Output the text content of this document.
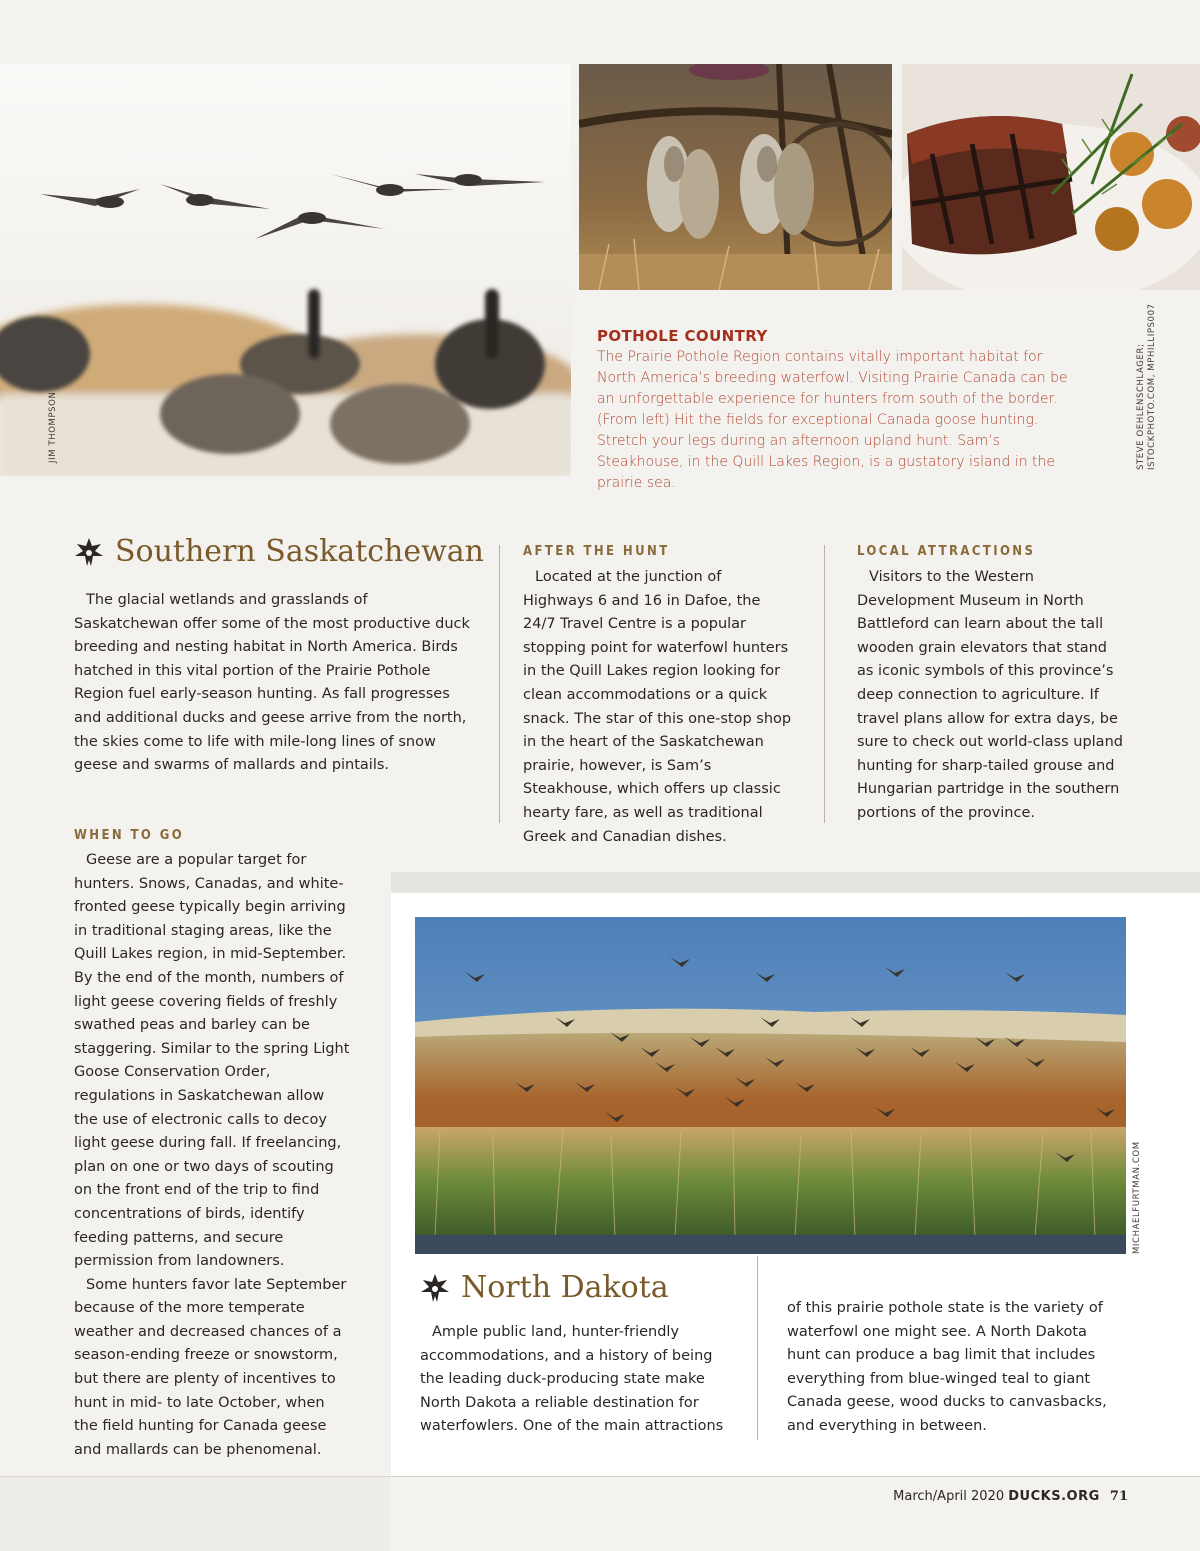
JIM THOMPSON	STEVE OEHLENSCHLAGER;
ISTOCKPHOTO.COM, MPHILLIPS007
POTHOLE COUNTRY
The Prairie Pothole Region contains vitally important habitat for North America’s breeding waterfowl. Visiting Prairie Canada can be an unforgettable experience for hunters from south of the border. (From left) Hit the fields for exceptional Canada goose hunting. Stretch your legs during an afternoon upland hunt. Sam’s Steakhouse, in the Quill Lakes Region, is a gustatory island in the prairie sea.
Southern Saskatchewan

The glacial wetlands and grasslands of Saskatchewan offer some of the most productive duck breeding and nesting habitat in North America. Birds hatched in this vital portion of the Prairie Pothole Region fuel early-season hunting. As fall progresses and additional ducks and geese arrive from the north, the skies come to life with mile-long lines of snow geese and swarms of mallards and pintails.

WHEN TO GO

Geese are a popular target for hunters. Snows, Canadas, and white-fronted geese typically begin arriving in traditional staging areas, like the Quill Lakes region, in mid-September. By the end of the month, numbers of light geese covering fields of freshly swathed peas and barley can be staggering. Similar to the spring Light Goose Conservation Order, regulations in Saskatchewan allow the use of electronic calls to decoy light geese during fall. If freelancing, plan on one or two days of scouting on the front end of the trip to find concentrations of birds, identify feeding patterns, and secure permission from landowners.

Some hunters favor late September because of the more temperate weather and decreased chances of a season-ending freeze or snowstorm, but there are plenty of incentives to hunt in mid- to late October, when the field hunting for Canada geese and mallards can be phenomenal.

AFTER THE HUNT

Located at the junction of Highways 6 and 16 in Dafoe, the 24/7 Travel Centre is a popular stopping point for waterfowl hunters in the Quill Lakes region looking for clean accommodations or a quick snack. The star of this one-stop shop in the heart of the Saskatchewan prairie, however, is Sam’s Steakhouse, which offers up classic hearty fare, as well as traditional Greek and Canadian dishes.

LOCAL ATTRACTIONS

Visitors to the Western Development Museum in North Battleford can learn about the tall wooden grain elevators that stand as iconic symbols of this province’s deep connection to agriculture. If travel plans allow for extra days, be sure to check out world-class upland hunting for sharp-tailed grouse and Hungarian partridge in the southern portions of the province.

MICHAELFURTMAN.COM
North Dakota

Ample public land, hunter-friendly accommodations, and a history of being the leading duck-producing state make North Dakota a reliable destination for waterfowlers. One of the main attractions

of this prairie pothole state is the variety of waterfowl one might see. A North Dakota hunt can produce a bag limit that includes everything from blue-winged teal to giant Canada geese, wood ducks to canvasbacks, and everything in between.

March/April 2020 DUCKS.ORG 71
